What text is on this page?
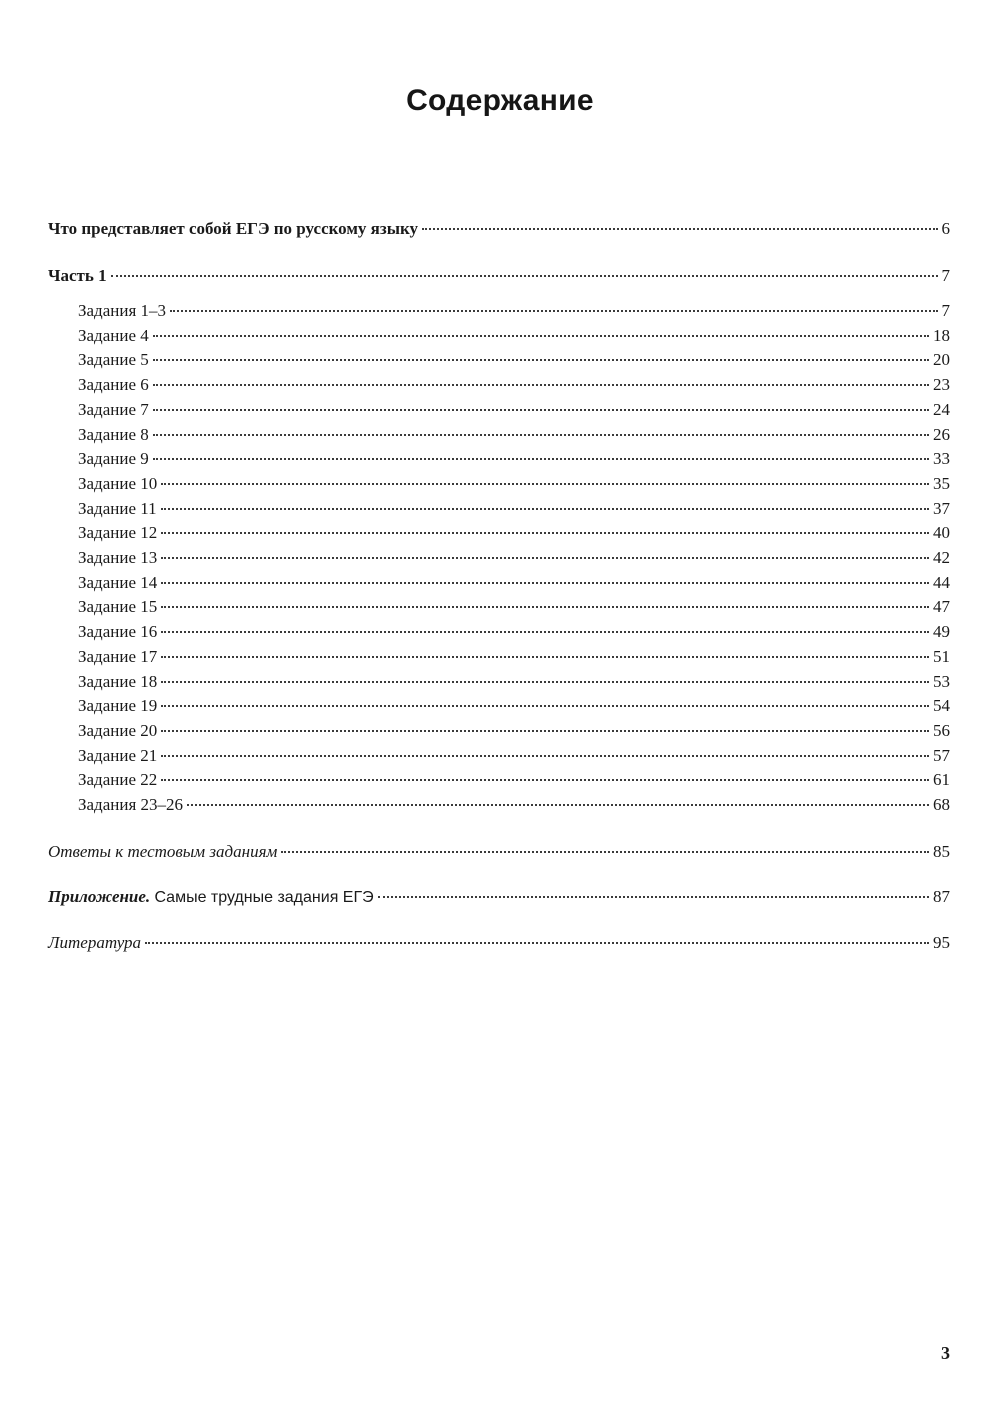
Содержание
Что представляет собой ЕГЭ по русскому языку	6
Часть 1	7
Задания 1–3	7
Задание 4	18
Задание 5	20
Задание 6	23
Задание 7	24
Задание 8	26
Задание 9	33
Задание 10	35
Задание 11	37
Задание 12	40
Задание 13	42
Задание 14	44
Задание 15	47
Задание 16	49
Задание 17	51
Задание 18	53
Задание 19	54
Задание 20	56
Задание 21	57
Задание 22	61
Задания 23–26	68
Ответы к тестовым заданиям	85
Приложение. Самые трудные задания ЕГЭ	87
Литература	95
3
